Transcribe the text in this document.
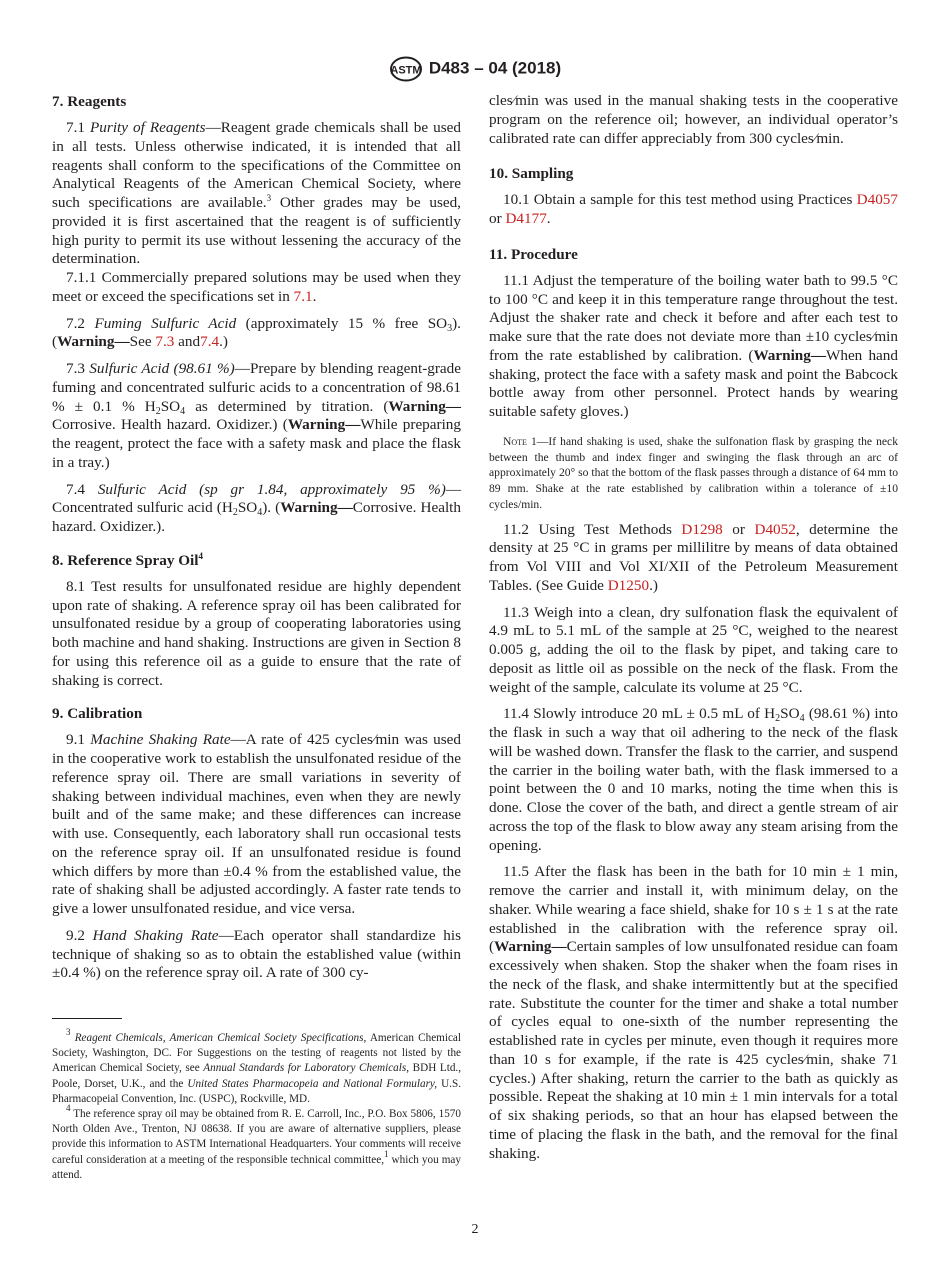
ASTM D483 – 04 (2018)
7. Reagents

7.1 Purity of Reagents—Reagent grade chemicals shall be used in all tests. Unless otherwise indicated, it is intended that all reagents shall conform to the specifications of the Committee on Analytical Reagents of the American Chemical Society, where such specifications are available.$^3$ Other grades may be used, provided it is first ascertained that the reagent is of sufficiently high purity to permit its use without lessening the accuracy of the determination.

7.1.1 Commercially prepared solutions may be used when they meet or exceed the specifications set in 7.1.

7.2 Fuming Sulfuric Acid (approximately 15 % free $SO_3$). (Warning—See 7.3 and7.4.)

7.3 Sulfuric Acid (98.61 %)—Prepare by blending reagent-grade fuming and concentrated sulfuric acids to a concentration of 98.61 % ± 0.1 % $H_2SO_4$ as determined by titration. (Warning—Corrosive. Health hazard. Oxidizer.) (Warning—While preparing the reagent, protect the face with a safety mask and place the flask in a tray.)

7.4 Sulfuric Acid (sp gr 1.84, approximately 95 %)—Concentrated sulfuric acid $(H_2SO_4)$. (Warning—Corrosive. Health hazard. Oxidizer.).

8. Reference Spray Oil$^4$

8.1 Test results for unsulfonated residue are highly dependent upon rate of shaking. A reference spray oil has been calibrated for unsulfonated residue by a group of cooperating laboratories using both machine and hand shaking. Instructions are given in Section 8 for using this reference oil as a guide to ensure that the rate of shaking is correct.

9. Calibration

9.1 Machine Shaking Rate—A rate of 425 cycles⁄min was used in the cooperative work to establish the unsulfonated residue of the reference spray oil. There are small variations in severity of shaking between individual machines, even when they are newly built and of the same make; and these differences can increase with use. Consequently, each laboratory shall run occasional tests on the reference spray oil. If an unsulfonated residue is found which differs by more than ±0.4 % from the established value, the rate of shaking shall be adjusted accordingly. A faster rate tends to give a lower unsulfonated residue, and vice versa.

9.2 Hand Shaking Rate—Each operator shall standardize his technique of shaking so as to obtain the established value (within ±0.4 %) on the reference spray oil. A rate of 300 cy-

$^3$ Reagent Chemicals, American Chemical Society Specifications, American Chemical Society, Washington, DC. For Suggestions on the testing of reagents not listed by the American Chemical Society, see Annual Standards for Laboratory Chemicals, BDH Ltd., Poole, Dorset, U.K., and the United States Pharmacopeia and National Formulary, U.S. Pharmacopeial Convention, Inc. (USPC), Rockville, MD.

$^4$ The reference spray oil may be obtained from R. E. Carroll, Inc., P.O. Box 5806, 1570 North Olden Ave., Trenton, NJ 08638. If you are aware of alternative suppliers, please provide this information to ASTM International Headquarters. Your comments will receive careful consideration at a meeting of the responsible technical committee,$^1$ which you may attend.

cles⁄min was used in the manual shaking tests in the cooperative program on the reference oil; however, an individual operator’s calibrated rate can differ appreciably from 300 cycles⁄min.

10. Sampling

10.1 Obtain a sample for this test method using Practices D4057 or D4177.

11. Procedure

11.1 Adjust the temperature of the boiling water bath to 99.5 °C to 100 °C and keep it in this temperature range throughout the test. Adjust the shaker rate and check it before and after each test to make sure that the rate does not deviate more than ±10 cycles⁄min from the rate established by calibration. (Warning—When hand shaking, protect the face with a safety mask and point the Babcock bottle away from other personnel. Protect hands by wearing suitable safety gloves.)

Note 1—If hand shaking is used, shake the sulfonation flask by grasping the neck between the thumb and index finger and swinging the flask through an arc of approximately 20° so that the bottom of the flask passes through a distance of 64 mm to 89 mm. Shake at the rate established by calibration within a tolerance of ±10 cycles/min.

11.2 Using Test Methods D1298 or D4052, determine the density at 25 °C in grams per millilitre by means of data obtained from Vol VIII and Vol XI/XII of the Petroleum Measurement Tables. (See Guide D1250.)

11.3 Weigh into a clean, dry sulfonation flask the equivalent of 4.9 mL to 5.1 mL of the sample at 25 °C, weighed to the nearest 0.005 g, adding the oil to the flask by pipet, and taking care to deposit as little oil as possible on the neck of the flask. From the weight of the sample, calculate its volume at 25 °C.

11.4 Slowly introduce 20 mL ± 0.5 mL of $H_2SO_4$ (98.61 %) into the flask in such a way that oil adhering to the neck of the flask will be washed down. Transfer the flask to the carrier, and suspend the carrier in the boiling water bath, with the flask immersed to a point between the 0 and 10 marks, noting the time when this is done. Close the cover of the bath, and direct a gentle stream of air across the top of the flask to blow away any steam arising from the opening.

11.5 After the flask has been in the bath for 10 min ± 1 min, remove the carrier and install it, with minimum delay, on the shaker. While wearing a face shield, shake for 10 s ± 1 s at the rate established in the calibration with the reference spray oil. (Warning—Certain samples of low unsulfonated residue can foam excessively when shaken. Stop the shaker when the foam rises in the neck of the flask, and shake intermittently but at the specified rate. Substitute the counter for the timer and shake a total number of cycles equal to one-sixth of the number representing the established rate in cycles per minute, even though it requires more than 10 s for example, if the rate is 425 cycles⁄min, shake 71 cycles.) After shaking, return the carrier to the bath as quickly as possible. Repeat the shaking at 10 min ± 1 min intervals for a total of six shaking periods, so that an hour has elapsed between the time of placing the flask in the bath, and the removal for the final shaking.

2
